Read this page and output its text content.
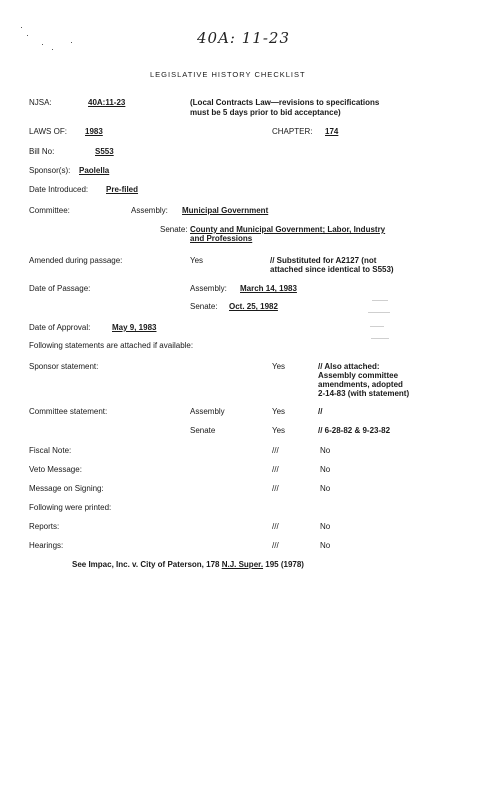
40A: 11-23
LEGISLATIVE HISTORY CHECKLIST
NJSA:	40A:11-23	(Local Contracts Law—revisions to specifications
must be 5 days prior to bid acceptance)
LAWS OF: 1983	CHAPTER: 174
Bill No:	S553
Sponsor(s): Paolella
Date Introduced: Pre-filed
Committee:	Assembly: Municipal Government
Senate: County and Municipal Government; Labor, Industry
and Professions
Amended during passage:	Yes	// Substituted for A2127 (not
attached since identical to S553)
Date of Passage:	Assembly: March 14, 1983
Senate: Oct. 25, 1982
Date of Approval:	May 9, 1983
Following statements are attached if available:
Sponsor statement:	Yes	// Also attached:
Assembly committee
amendments, adopted
2-14-83 (with statement)
Committee statement:	Assembly	Yes	//
Senate	Yes	// 6-28-82 & 9-23-82
Fiscal Note:	///	No
Veto Message:	///	No
Message on Signing:	///	No
Following were printed:
Reports:	///	No
Hearings:	///	No
See Impac, Inc. v. City of Paterson, 178 N.J. Super. 195 (1978)
